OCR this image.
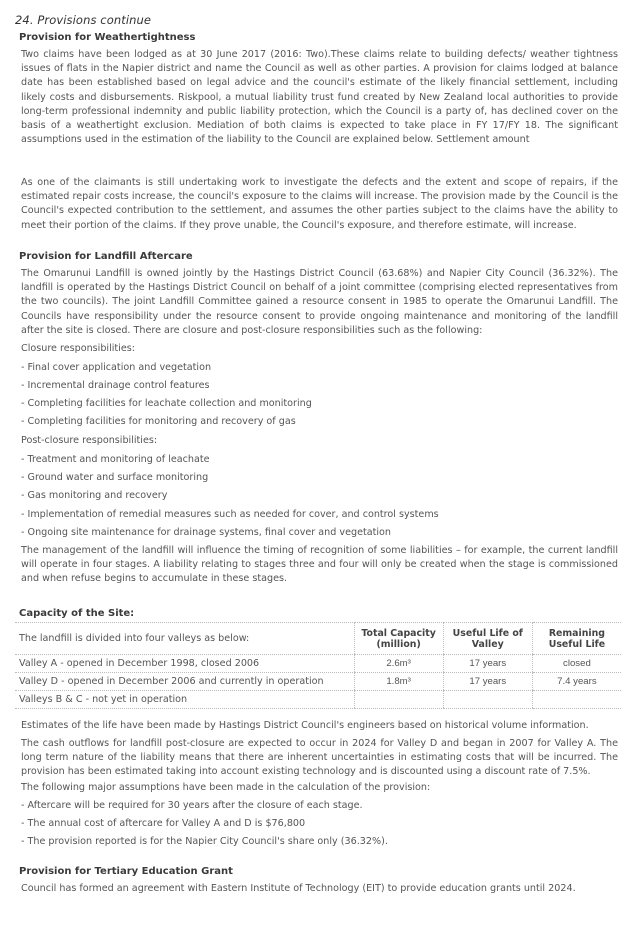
24. Provisions continue
Provision for Weathertightness

Two claims have been lodged as at 30 June 2017 (2016: Two).These claims relate to building defects/ weather tightness issues of flats in the Napier district and name the Council as well as other parties. A provision for claims lodged at balance date has been established based on legal advice and the council's estimate of the likely financial settlement, including likely costs and disbursements. Riskpool, a mutual liability trust fund created by New Zealand local authorities to provide long-term professional indemnity and public liability protection, which the Council is a party of, has declined cover on the basis of a weathertight exclusion. Mediation of both claims is expected to take place in FY 17/FY 18. The significant assumptions used in the estimation of the liability to the Council are explained below. Settlement amount

As one of the claimants is still undertaking work to investigate the defects and the extent and scope of repairs, if the estimated repair costs increase, the council's exposure to the claims will increase. The provision made by the Council is the Council's expected contribution to the settlement, and assumes the other parties subject to the claims have the ability to meet their portion of the claims. If they prove unable, the Council's exposure, and therefore estimate, will increase.

Provision for Landfill Aftercare

The Omarunui Landfill is owned jointly by the Hastings District Council (63.68%) and Napier City Council (36.32%). The landfill is operated by the Hastings District Council on behalf of a joint committee (comprising elected representatives from the two councils). The joint Landfill Committee gained a resource consent in 1985 to operate the Omarunui Landfill. The Councils have responsibility under the resource consent to provide ongoing maintenance and monitoring of the landfill after the site is closed. There are closure and post-closure responsibilities such as the following:

Closure responsibilities:
- Final cover application and vegetation
- Incremental drainage control features
- Completing facilities for leachate collection and monitoring
- Completing facilities for monitoring and recovery of gas
Post-closure responsibilities:
- Treatment and monitoring of leachate
- Ground water and surface monitoring
- Gas monitoring and recovery
- Implementation of remedial measures such as needed for cover, and control systems
- Ongoing site maintenance for drainage systems, final cover and vegetation

The management of the landfill will influence the timing of recognition of some liabilities – for example, the current landfill will operate in four stages. A liability relating to stages three and four will only be created when the stage is commissioned and when refuse begins to accumulate in these stages.

Capacity of the Site:
The landfill is divided into four valleys as below:	Total Capacity (million)	Useful Life of Valley	Remaining Useful Life
Valley A - opened in December 1998, closed 2006	2.6m³	17 years	closed
Valley D - opened in December 2006 and currently in operation	1.8m³	17 years	7.4 years
Valleys B & C - not yet in operation			

Estimates of the life have been made by Hastings District Council's engineers based on historical volume information.

The cash outflows for landfill post-closure are expected to occur in 2024 for Valley D and began in 2007 for Valley A. The long term nature of the liability means that there are inherent uncertainties in estimating costs that will be incurred. The provision has been estimated taking into account existing technology and is discounted using a discount rate of 7.5%.

The following major assumptions have been made in the calculation of the provision:
- Aftercare will be required for 30 years after the closure of each stage.
- The annual cost of aftercare for Valley A and D is $76,800
- The provision reported is for the Napier City Council's share only (36.32%).
Provision for Tertiary Education Grant
Council has formed an agreement with Eastern Institute of Technology (EIT) to provide education grants until 2024.
